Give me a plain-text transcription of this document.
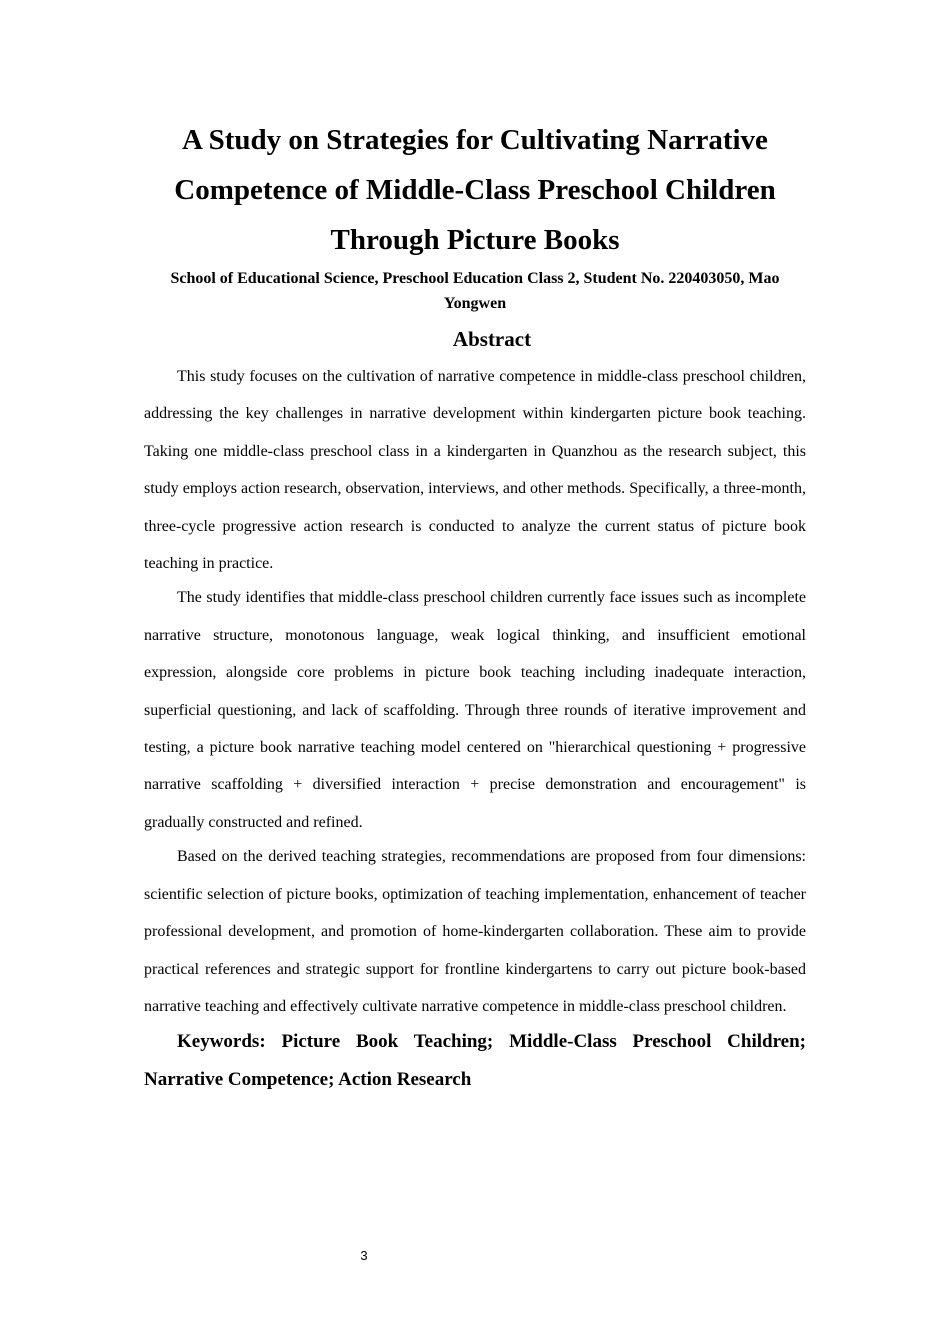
A Study on Strategies for Cultivating Narrative Competence of Middle-Class Preschool Children Through Picture Books

School of Educational Science, Preschool Education Class 2, Student No. 220403050, Mao Yongwen

Abstract

This study focuses on the cultivation of narrative competence in middle-class preschool children, addressing the key challenges in narrative development within kindergarten picture book teaching. Taking one middle-class preschool class in a kindergarten in Quanzhou as the research subject, this study employs action research, observation, interviews, and other methods. Specifically, a three-month, three-cycle progressive action research is conducted to analyze the current status of picture book teaching in practice.

The study identifies that middle-class preschool children currently face issues such as incomplete narrative structure, monotonous language, weak logical thinking, and insufficient emotional expression, alongside core problems in picture book teaching including inadequate interaction, superficial questioning, and lack of scaffolding. Through three rounds of iterative improvement and testing, a picture book narrative teaching model centered on "hierarchical questioning + progressive narrative scaffolding + diversified interaction + precise demonstration and encouragement" is gradually constructed and refined.

Based on the derived teaching strategies, recommendations are proposed from four dimensions: scientific selection of picture books, optimization of teaching implementation, enhancement of teacher professional development, and promotion of home-kindergarten collaboration. These aim to provide practical references and strategic support for frontline kindergartens to carry out picture book-based narrative teaching and effectively cultivate narrative competence in middle-class preschool children.

Keywords: Picture Book Teaching; Middle-Class Preschool Children; Narrative Competence; Action Research

3
